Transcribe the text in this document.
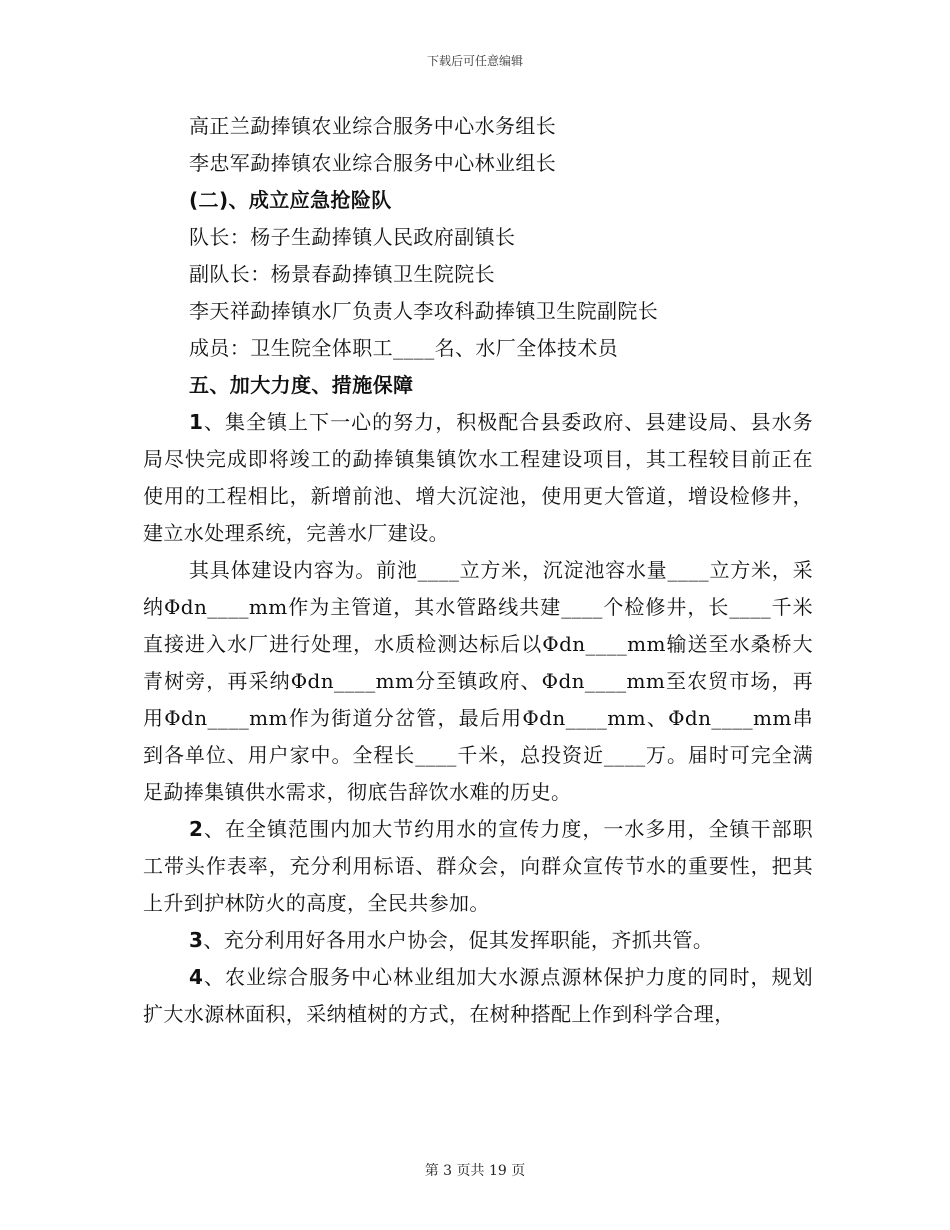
下载后可任意编辑
高正兰勐捧镇农业综合服务中心水务组长
李忠军勐捧镇农业综合服务中心林业组长
(二)、成立应急抢险队
队长：杨子生勐捧镇人民政府副镇长
副队长：杨景春勐捧镇卫生院院长
李天祥勐捧镇水厂负责人李攻科勐捧镇卫生院副院长
成员：卫生院全体职工____名、水厂全体技术员
五、加大力度、措施保障

1、集全镇上下一心的努力，积极配合县委政府、县建设局、县水务局尽快完成即将竣工的勐捧镇集镇饮水工程建设项目，其工程较目前正在使用的工程相比，新增前池、增大沉淀池，使用更大管道，增设检修井，建立水处理系统，完善水厂建设。

其具体建设内容为。前池____立方米，沉淀池容水量____立方米，采纳Φdn____mm作为主管道，其水管路线共建____个检修井，长____千米直接进入水厂进行处理，水质检测达标后以Φdn____mm输送至水桑桥大青树旁，再采纳Φdn____mm分至镇政府、Φdn____mm至农贸市场，再用Φdn____mm作为街道分岔管，最后用Φdn____mm、Φdn____mm串到各单位、用户家中。全程长____千米，总投资近____万。届时可完全满足勐捧集镇供水需求，彻底告辞饮水难的历史。

2、在全镇范围内加大节约用水的宣传力度，一水多用，全镇干部职工带头作表率，充分利用标语、群众会，向群众宣传节水的重要性，把其上升到护林防火的高度，全民共参加。

3、充分利用好各用水户协会，促其发挥职能，齐抓共管。

4、农业综合服务中心林业组加大水源点源林保护力度的同时，规划扩大水源林面积，采纳植树的方式，在树种搭配上作到科学合理，

第 3 页共 19 页
